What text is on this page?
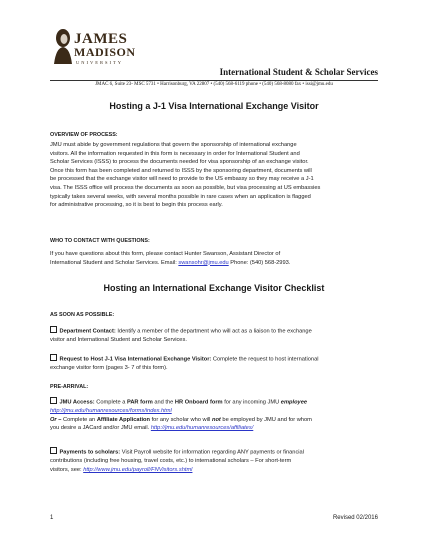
JAMES
MADISON
UNIVERSITY
International Student & Scholar Services
JMAC 6, Suite 23- MSC 5731 • Harrisonburg, VA 22807 • (540) 568-6119 phone • (540) 568-8080 fax • issi@jmu.edu
Hosting a J-1 Visa International Exchange Visitor
OVERVIEW OF PROCESS:
JMU must abide by government regulations that govern the sponsorship of international exchange
visitors. All the information requested in this form is necessary in order for International Student and
Scholar Services (ISSS) to process the documents needed for visa sponsorship of an exchange visitor.
Once this form has been completed and returned to ISSS by the sponsoring department, documents will
be processed that the exchange visitor will need to provide to the US embassy so they may receive a J-1
visa. The ISSS office will process the documents as soon as possible, but visa processing at US embassies
typically takes several weeks, with several months possible in rare cases when an application is flagged
for administrative processing, so it is best to begin this process early.
WHO TO CONTACT WITH QUESTIONS:
If you have questions about this form, please contact Hunter Swanson, Assistant Director of
International Student and Scholar Services. Email: swansohr@jmu.edu Phone: (540) 568-2993.
Hosting an International Exchange Visitor Checklist
AS SOON AS POSSIBLE:
Department Contact: Identify a member of the department who will act as a liaison to the exchange
visitor and International Student and Scholar Services.
Request to Host J-1 Visa International Exchange Visitor: Complete the request to host international
exchange visitor form (pages 3- 7 of this form).
PRE-ARRIVAL:
JMU Access: Complete a PAR form and the HR Onboard form for any incoming JMU employee
http://jmu.edu/humanresources/forms/index.html
Or – Complete an Affiliate Application for any scholar who will not be employed by JMU and for whom
you desire a JACard and/or JMU email. http://jmu.edu/humanresources/affiliates/
Payments to scholars: Visit Payroll website for information regarding ANY payments or financial
contributions (including free housing, travel costs, etc.) to international scholars – For short-term
visitors, see: http://www.jmu.edu/payroll/FNVisitors.shtml
1	Revised 02/2016
